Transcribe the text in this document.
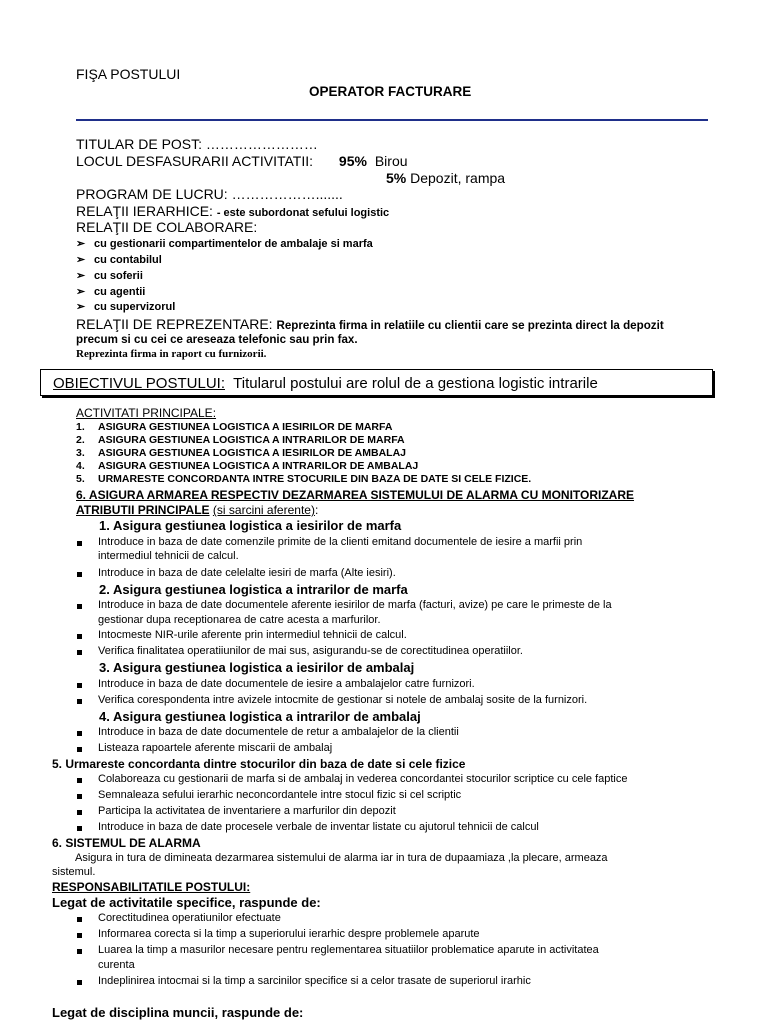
FIŞA POSTULUI
OPERATOR FACTURARE
TITULAR DE POST: ……………………
LOCUL DESFASURARII ACTIVITATII: 95% Birou
5% Depozit, rampa
PROGRAM DE LUCRU: ……………….......
RELAŢII IERARHICE: - este subordonat sefului logistic
RELAŢII DE COLABORARE:
➢ cu gestionarii compartimentelor de ambalaje si marfa
➢ cu contabilul
➢ cu soferii
➢ cu agentii
➢ cu supervizorul
RELAŢII DE REPREZENTARE: Reprezinta firma in relatiile cu clientii care se prezinta direct la depozit
precum si cu cei ce areseaza telefonic sau prin fax.
Reprezinta firma in raport cu furnizorii.
OBIECTIVUL POSTULUI: Titularul postului are rolul de a gestiona logistic intrarile
ACTIVITATI PRINCIPALE:
1. ASIGURA GESTIUNEA LOGISTICA A IESIRILOR DE MARFA
2. ASIGURA GESTIUNEA LOGISTICA A INTRARILOR DE MARFA
3. ASIGURA GESTIUNEA LOGISTICA A IESIRILOR DE AMBALAJ
4. ASIGURA GESTIUNEA LOGISTICA A INTRARILOR DE AMBALAJ
5. URMARESTE CONCORDANTA INTRE STOCURILE DIN BAZA DE DATE SI CELE FIZICE.
6. ASIGURA ARMAREA RESPECTIV DEZARMAREA SISTEMULUI DE ALARMA CU MONITORIZARE
ATRIBUTII PRINCIPALE (si sarcini aferente):
1. Asigura gestiunea logistica a iesirilor de marfa
Introduce in baza de date comenzile primite de la clienti emitand documentele de iesire a marfii prin
intermediul tehnicii de calcul.
Introduce in baza de date celelalte iesiri de marfa (Alte iesiri).
2. Asigura gestiunea logistica a intrarilor de marfa
Introduce in baza de date documentele aferente iesirilor de marfa (facturi, avize) pe care le primeste de la
gestionar dupa receptionarea de catre acesta a marfurilor.
Intocmeste NIR-urile aferente prin intermediul tehnicii de calcul.
Verifica finalitatea operatiiunilor de mai sus, asigurandu-se de corectitudinea operatiilor.
3. Asigura gestiunea logistica a iesirilor de ambalaj
Introduce in baza de date documentele de iesire a ambalajelor catre furnizori.
Verifica corespondenta intre avizele intocmite de gestionar si notele de ambalaj sosite de la furnizori.
4. Asigura gestiunea logistica a intrarilor de ambalaj
Introduce in baza de date documentele de retur a ambalajelor de la clientii
Listeaza rapoartele aferente miscarii de ambalaj
5. Urmareste concordanta dintre stocurilor din baza de date si cele fizice
Colaboreaza cu gestionarii de marfa si de ambalaj in vederea concordantei stocurilor scriptice cu cele faptice
Semnaleaza sefului ierarhic neconcordantele intre stocul fizic si cel scriptic
Participa la activitatea de inventariere a marfurilor din depozit
Introduce in baza de date procesele verbale de inventar listate cu ajutorul tehnicii de calcul
6. SISTEMUL DE ALARMA
Asigura in tura de dimineata dezarmarea sistemului de alarma iar in tura de dupaamiaza ,la plecare, armeaza
sistemul.
RESPONSABILITATILE POSTULUI:
Legat de activitatile specifice, raspunde de:
Corectitudinea operatiunilor efectuate
Informarea corecta si la timp a superiorului ierarhic despre problemele aparute
Luarea la timp a masurilor necesare pentru reglementarea situatiilor problematice aparute in activitatea
curenta
Indeplinirea intocmai si la timp a sarcinilor specifice si a celor trasate de superiorul irarhic
Legat de disciplina muncii, raspunde de:
